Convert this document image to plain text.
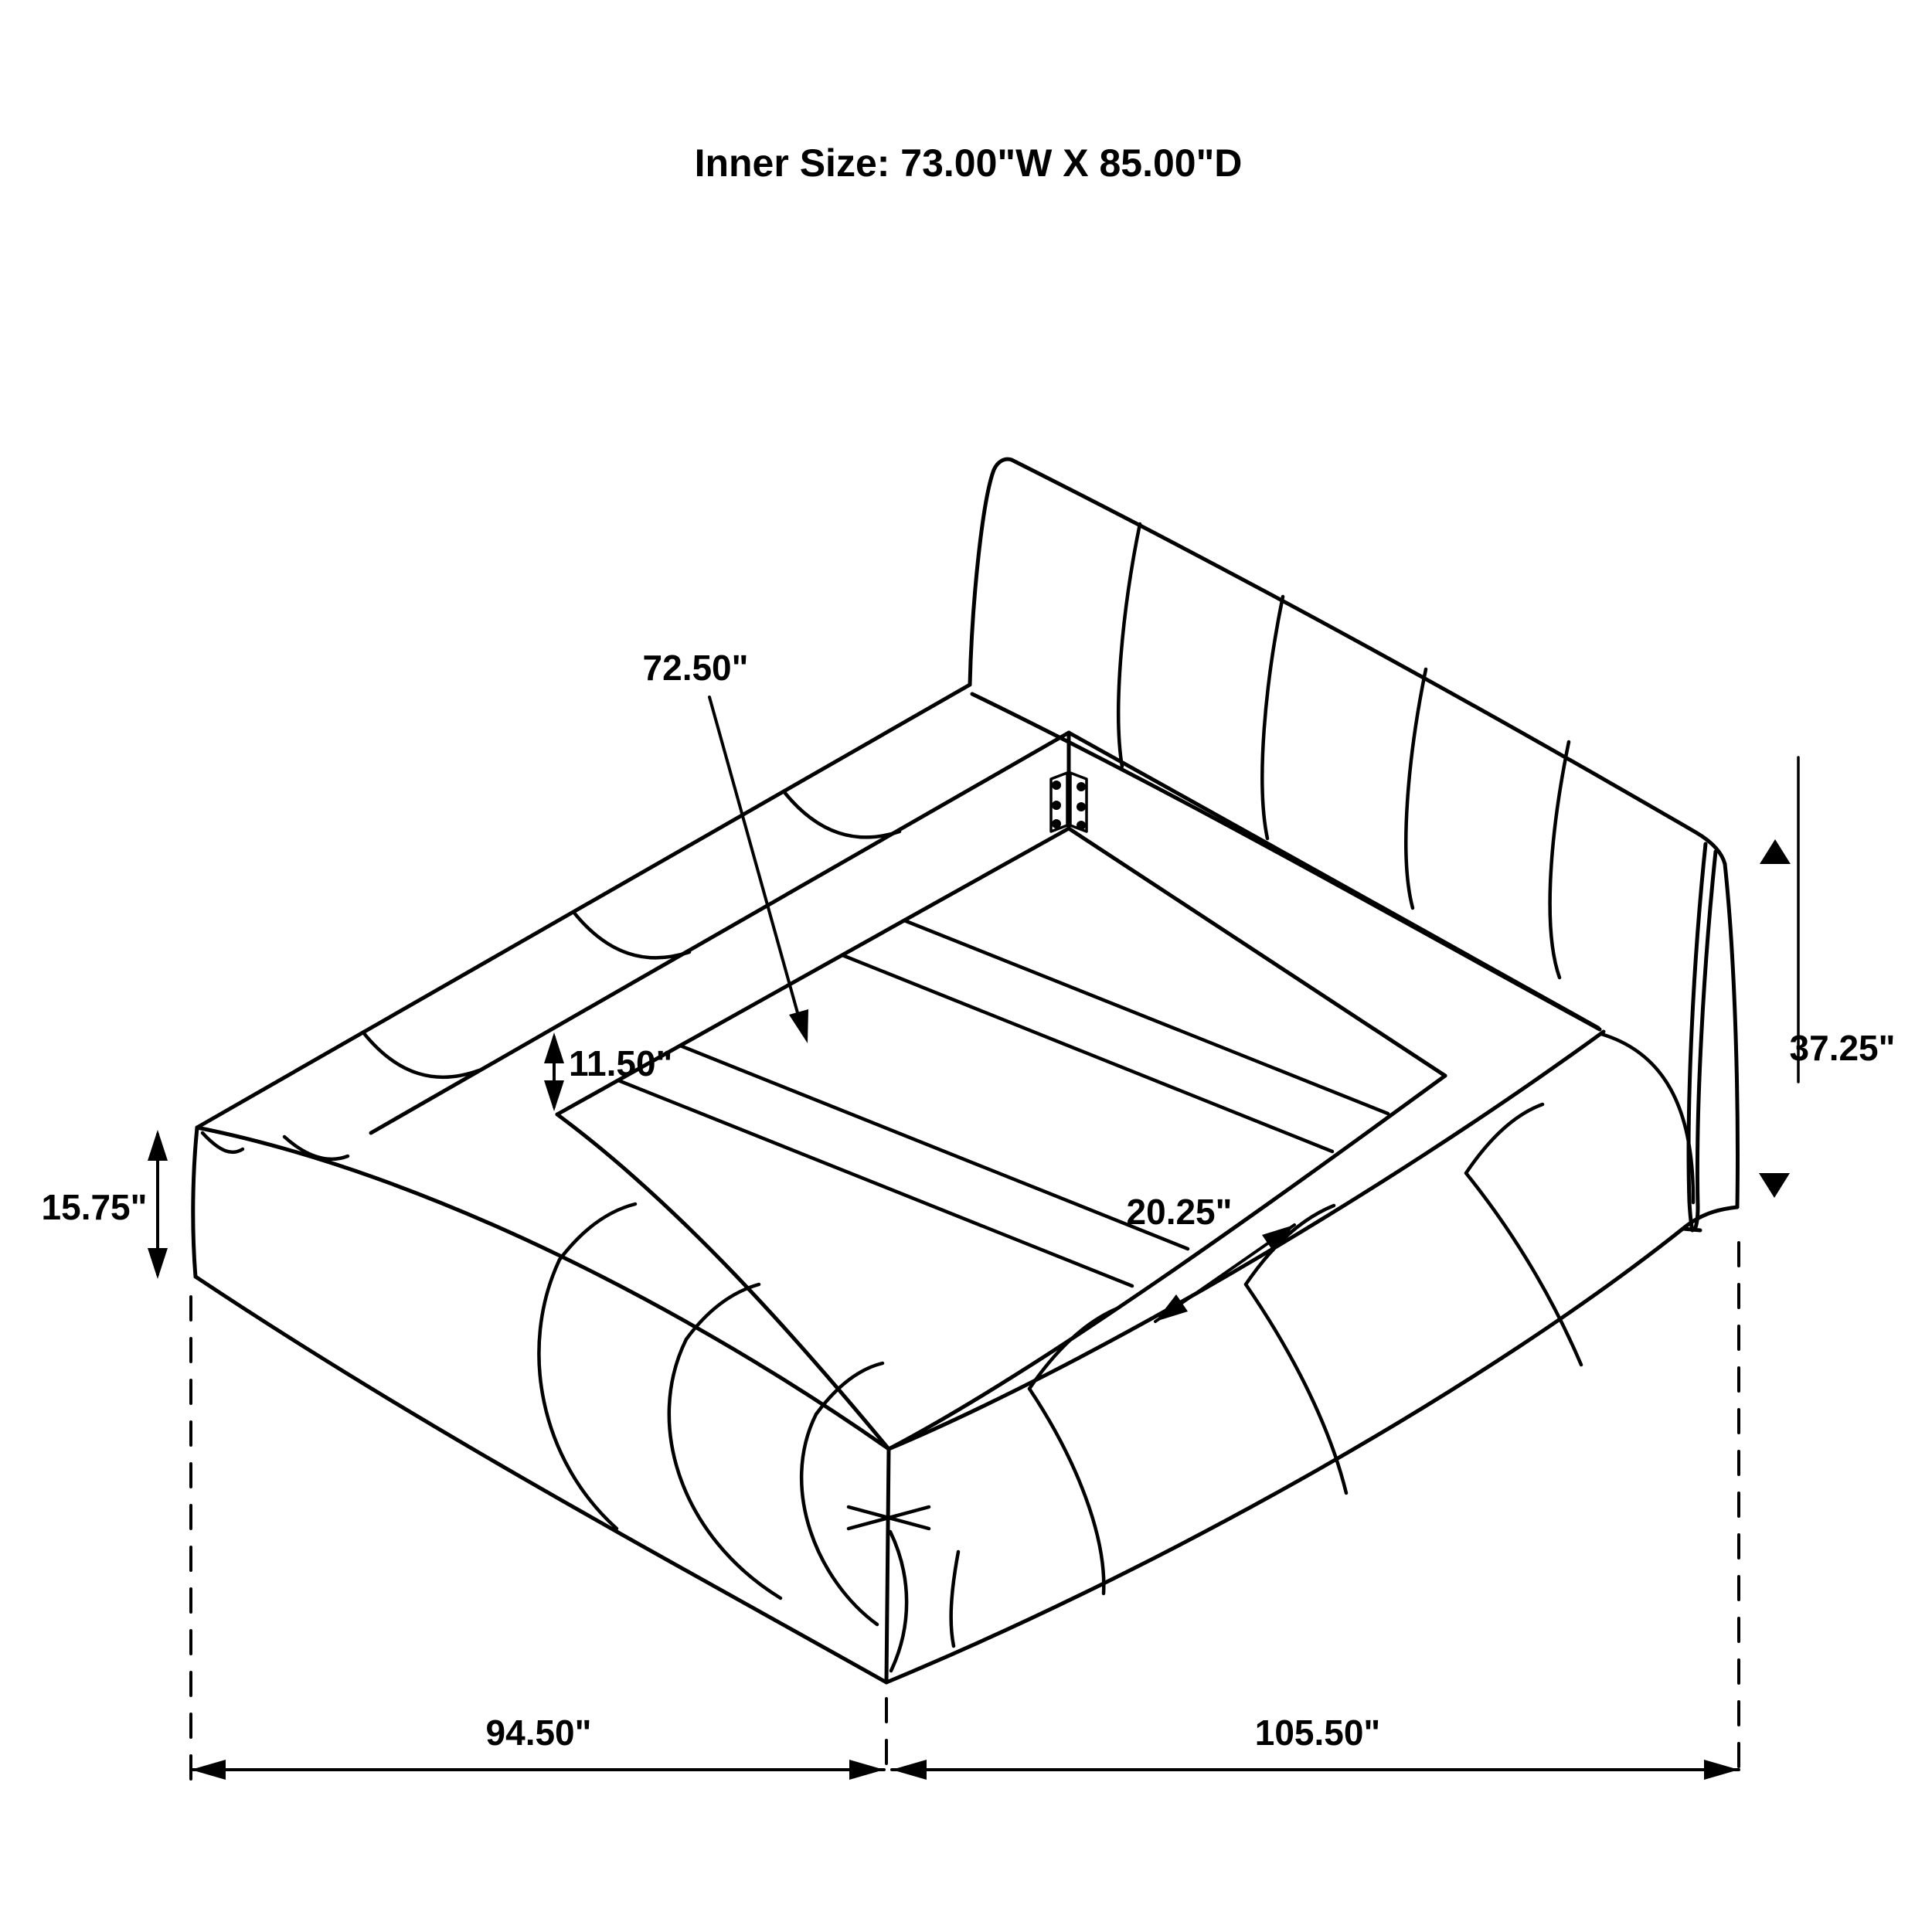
Inner Size: 73.00"W X 85.00"D
72.50"
11.50"
20.25"
15.75"
37.25"
94.50"	105.50"
